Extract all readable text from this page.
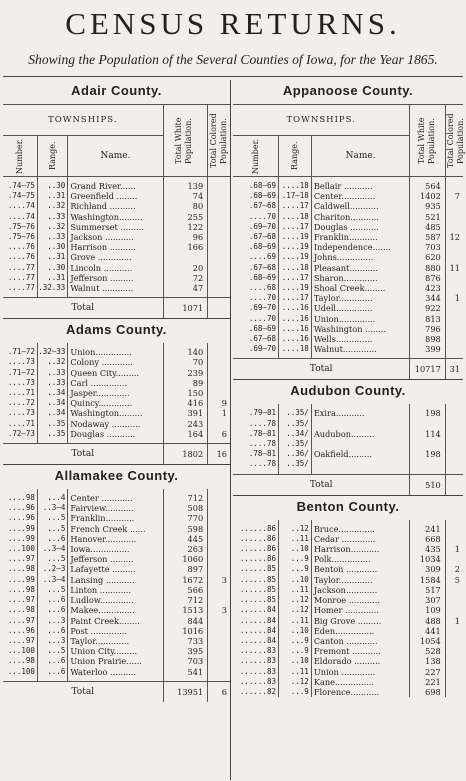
CENSUS RETURNS.
Showing the Population of the Several Counties of Iowa, for the Year 1865.
Adair County.
TOWNSHIPS.			Total White Population.	Total Colored Population.

Number.	Range.	Name.		

.74–75	..30	Grand River......	139	
.74–75	..31	Greenfield ........	74	
....74	..32	Richland ..........	80	
....74	..33	Washington.........	255	
.75–76	..32	Summerset .........	122	
.75–76	..33	Jackson ...........	96	
....76	..30	Harrison ..........	166	
....76	..31	Grove .............		
....77	..30	Lincoln ...........	20	
....77	..31	Jefferson .........	72	
....77	.32.33	Walnut ............	47	

Total			1071	
Adams County.

.71–72	.32–33	Union..............	140	
....73	..32	Colony ............	70	
.71–72	..33	Queen City.........	239	
....73	..33	Carl ..............	89	
....71	..34	Jasper.............	150	
....72	..34	Quincy.............	416	9
....73	..34	Washington.........	391	1
....71	..35	Nodaway ...........	243	
.72–73	..35	Douglas ...........	164	6

Total			1802	16
Allamakee County.

....98	...4	Center ............	712	
....96	..3–4	Fairview...........	508	
....96	...5	Franklin...........	770	
....99	...5	French Creek ......	598	
....99	...6	Hanover............	445	
...100	..3–4	Iowa...............	263	
....97	...5	Jefferson .........	1060	
....98	..2–3	Lafayette .........	897	
....99	..3–4	Lansing ...........	1672	3
....98	...5	Linton ............	566	
....97	...6	Ludlow.............	712	
....98	...6	Makee..............	1513	3
....97	...3	Paint Creek........	844	
....96	...6	Post ..............	1016	
....97	...3	Taylor.............	733	
...100	...5	Union City.........	395	
....98	...6	Union Prairie......	703	
...100	...6	Waterloo ..........	541	

Total			13951	6
Appanoose County.
TOWNSHIPS.			Total White Population.	Total Colored Population.

Number.	Range.	Name.		

.68–69	....18	Bellair ...........	564	
.68–69	.17–18	Center.............	1402	7
.67–68	....17	Caldwell...........	935	
....70	....18	Chariton...........	521	
.69–70	....17	Douglas ...........	485	
.67–68	....19	Franklin...........	587	12
.68–69	....19	Independence.......	703	
....69	....19	Johns..............	620	
.67–68	....18	Pleasant...........	880	11
.68–69	....17	Sharon.............	876	
....68	....19	Shoal Creek........	423	
....70	....17	Taylor.............	344	1
.69–70	....16	Udell..............	922	
....70	....16	Union..............	813	
.68–69	....16	Washington ........	796	
.67–68	....16	Wells..............	898	
.69–70	....18	Walnut.............	399	

Total			10717	31
Audubon County.

.79–81	..35/	Exira...........	198	
....78	..35/			
.78–81	..34/	Audubon.........	114	
....78	..35/			
.78–81	..36/	Oakfield.........	198	
....78	..35/			

Total			510	
Benton County.

......86	..12	Bruce..............	241	
......86	..11	Cedar .............	668	
......86	..10	Harrison...........	435	1
......86	...9	Polk...............	1034	
......85	...9	Benton ............	309	2
......85	..10	Taylor.............	1584	5
......85	..11	Jackson............	517	
......85	..12	Monroe ............	307	
......84	..12	Homer .............	109	
......84	..11	Big Grove .........	488	1
......84	..10	Eden...............	441	
......84	...9	Canton ............	1054	
......83	...9	Fremont ...........	528	
......83	..10	Eldorado ..........	138	
......83	..11	Union .............	227	
......83	..12	Kane...............	221	
......82	...9	Florence...........	698	
